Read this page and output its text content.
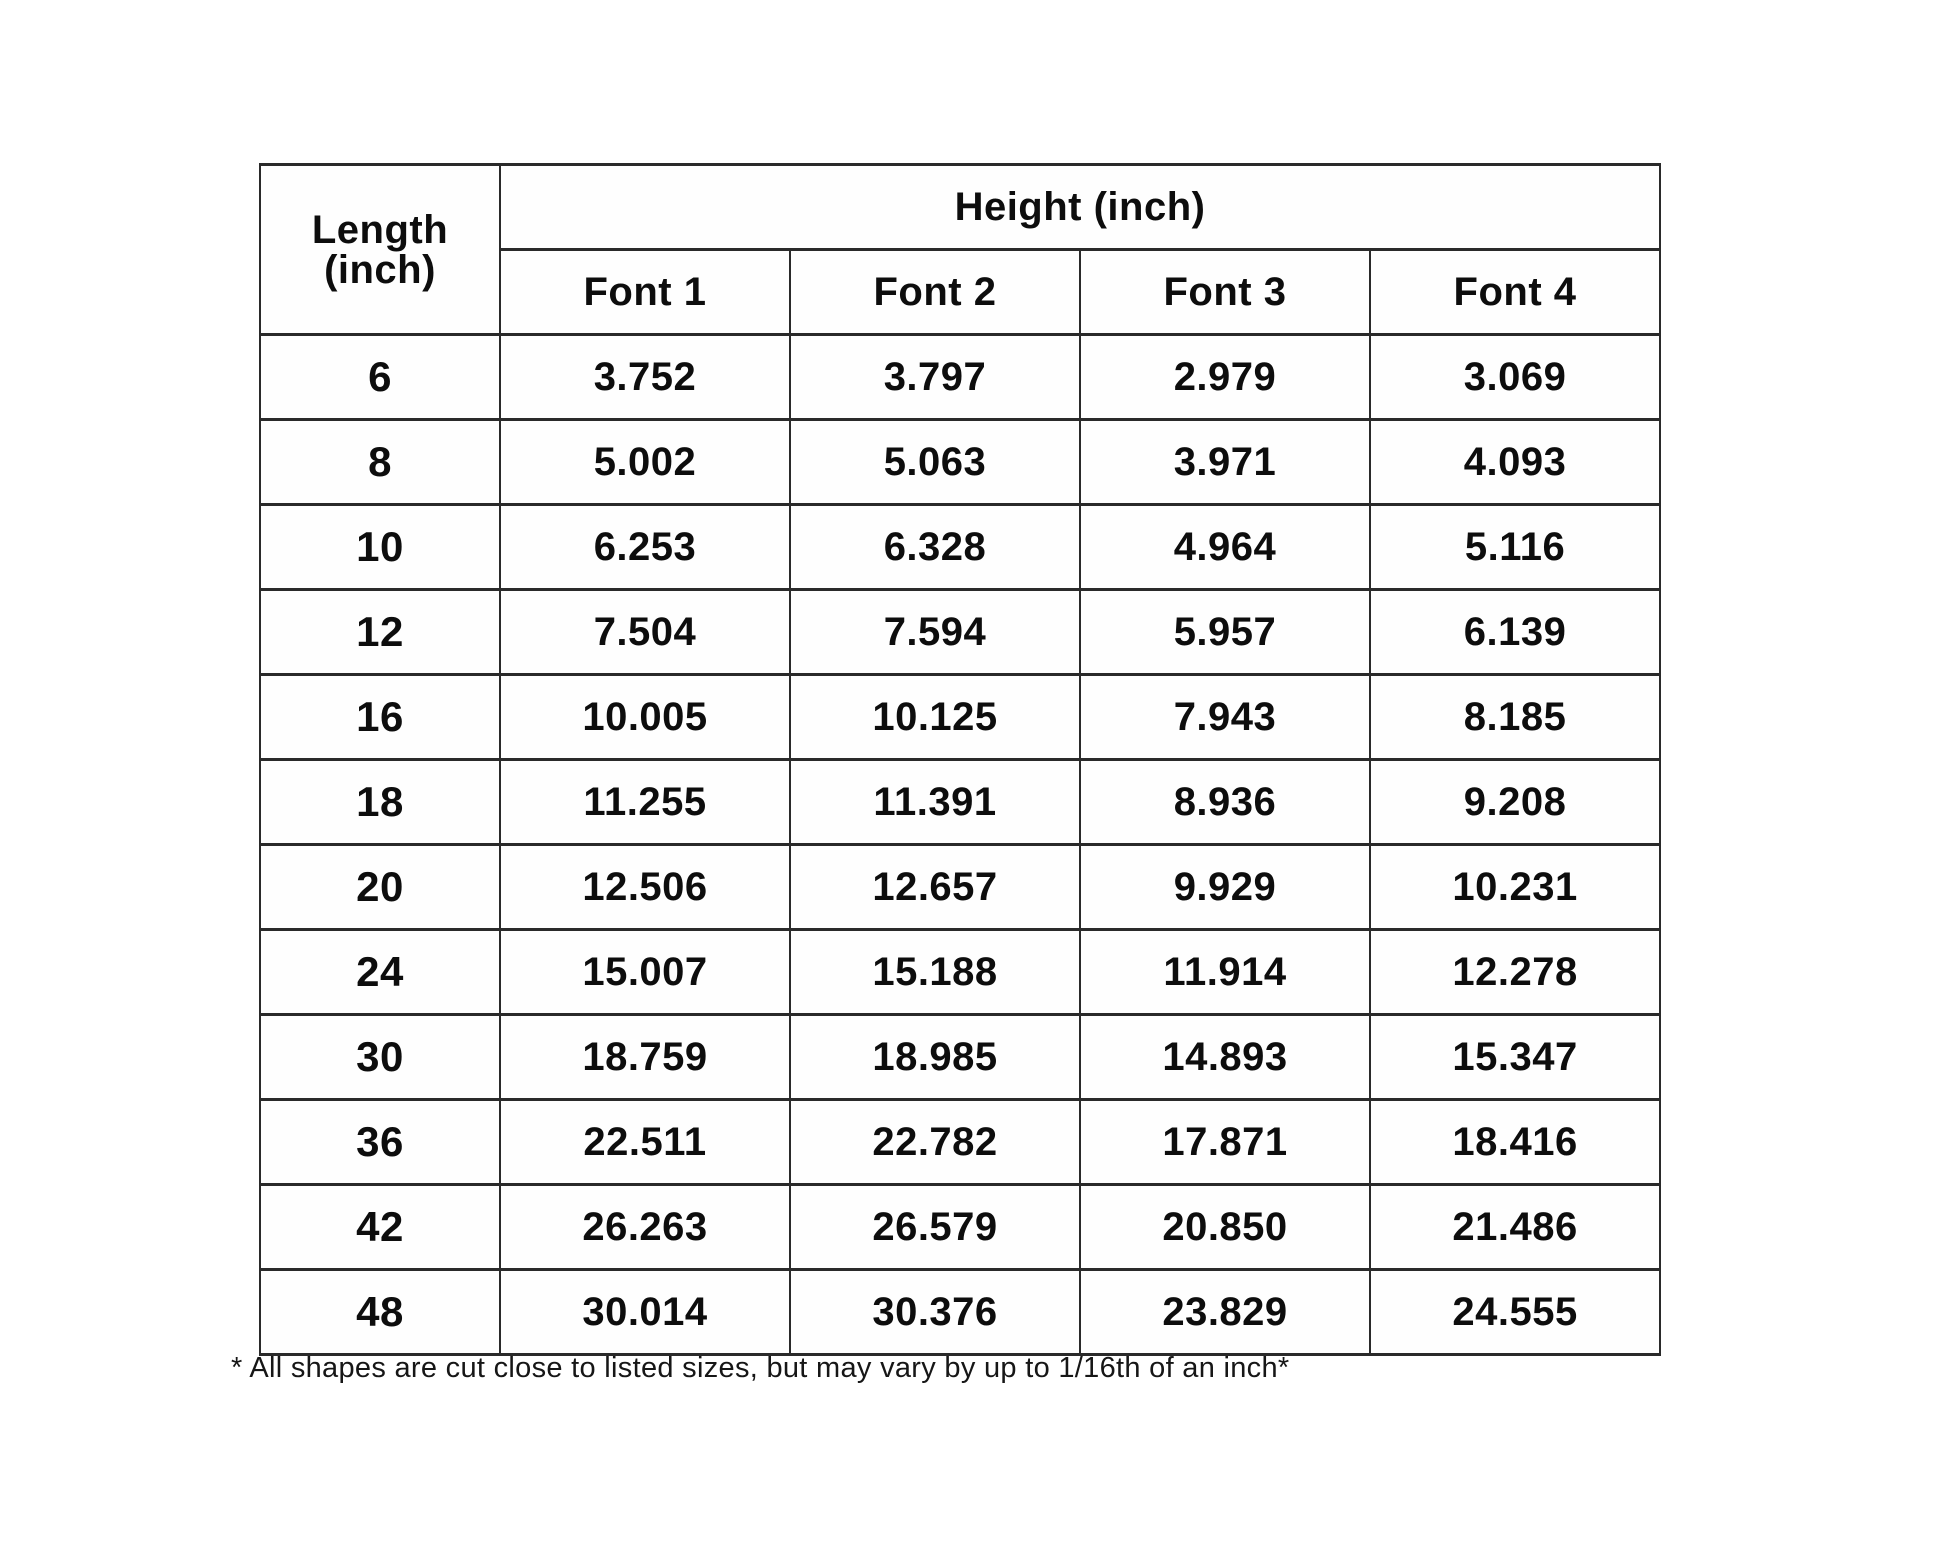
Length
(inch)	Height (inch)			
	Font 1	Font 2	Font 3	Font 4
6	3.752	3.797	2.979	3.069
8	5.002	5.063	3.971	4.093
10	6.253	6.328	4.964	5.116
12	7.504	7.594	5.957	6.139
16	10.005	10.125	7.943	8.185
18	11.255	11.391	8.936	9.208
20	12.506	12.657	9.929	10.231
24	15.007	15.188	11.914	12.278
30	18.759	18.985	14.893	15.347
36	22.511	22.782	17.871	18.416
42	26.263	26.579	20.850	21.486
48	30.014	30.376	23.829	24.555

* All shapes are cut close to listed sizes, but may vary by up to 1/16th of an inch*
